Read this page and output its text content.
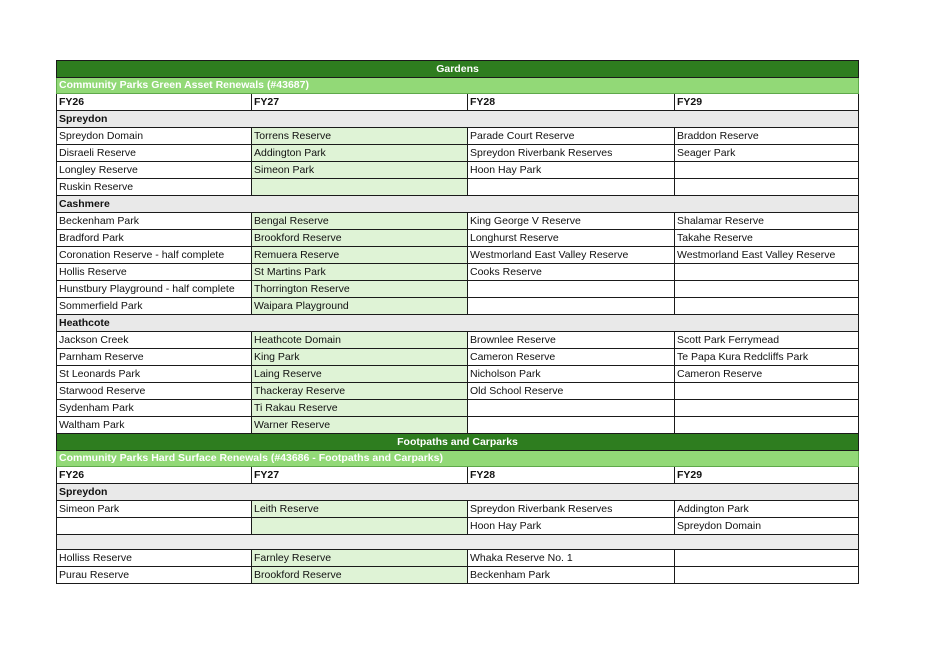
Gardens			
Community Parks Green Asset Renewals (#43687)			
FY26	FY27	FY28	FY29
Spreydon			
Spreydon Domain	Torrens Reserve	Parade Court Reserve	Braddon Reserve
Disraeli Reserve	Addington Park	Spreydon Riverbank Reserves	Seager Park
Longley Reserve	Simeon Park	Hoon Hay Park	
Ruskin Reserve			
Cashmere			
Beckenham Park	Bengal Reserve	King George V Reserve	Shalamar Reserve
Bradford Park	Brookford Reserve	Longhurst Reserve	Takahe Reserve
Coronation Reserve - half complete	Remuera Reserve	Westmorland East Valley Reserve	Westmorland East Valley Reserve
Hollis Reserve	St Martins Park	Cooks Reserve	
Hunstbury Playground - half complete	Thorrington Reserve		
Sommerfield Park	Waipara Playground		
Heathcote			
Jackson Creek	Heathcote Domain	Brownlee Reserve	Scott Park Ferrymead
Parnham Reserve	King Park	Cameron Reserve	Te Papa Kura Redcliffs Park
St Leonards Park	Laing Reserve	Nicholson Park	Cameron Reserve
Starwood Reserve	Thackeray Reserve	Old School Reserve	
Sydenham Park	Ti Rakau Reserve		
Waltham Park	Warner Reserve		
Footpaths and Carparks			
Community Parks Hard Surface Renewals (#43686 - Footpaths and Carparks)			
FY26	FY27	FY28	FY29
Spreydon			
Simeon Park	Leith Reserve	Spreydon Riverbank Reserves	Addington Park
		Hoon Hay Park	Spreydon Domain

Holliss Reserve	Farnley Reserve	Whaka Reserve No. 1	
Purau Reserve	Brookford Reserve	Beckenham Park	
